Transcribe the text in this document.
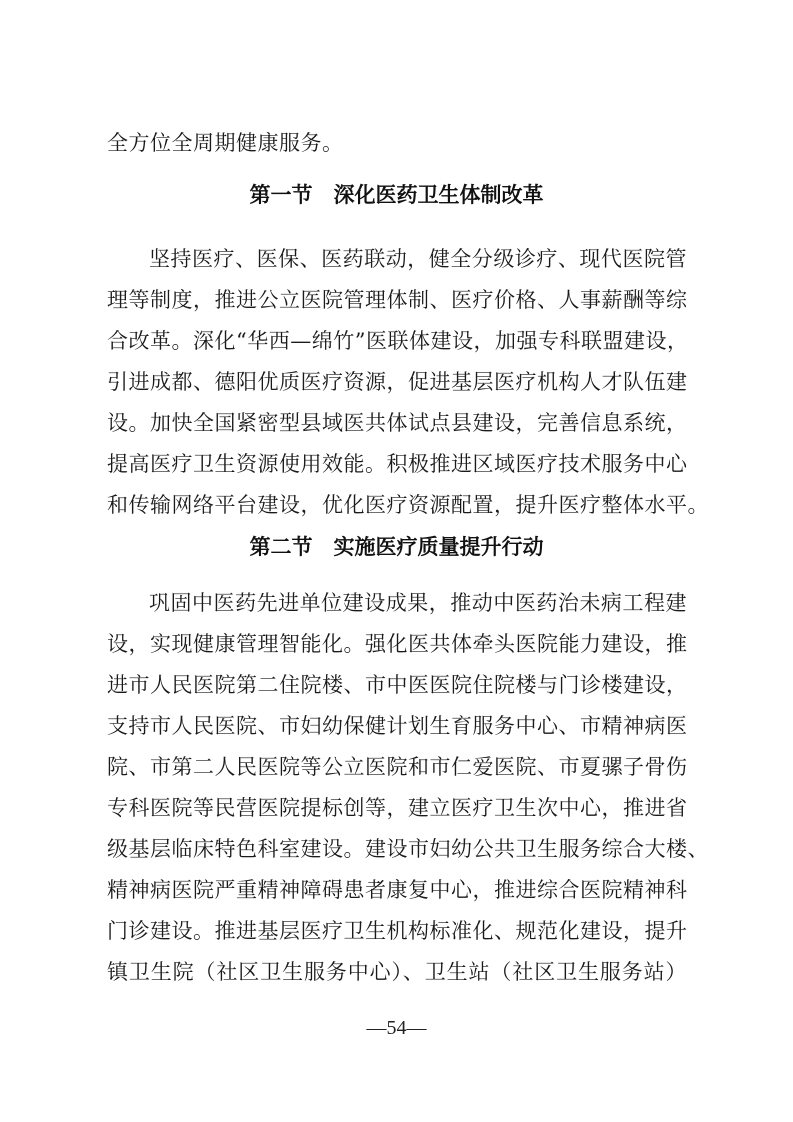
全方位全周期健康服务。
第一节　深化医药卫生体制改革
坚持医疗、医保、医药联动，健全分级诊疗、现代医院管
理等制度，推进公立医院管理体制、医疗价格、人事薪酬等综
合改革。深化“华西—绵竹”医联体建设，加强专科联盟建设，
引进成都、德阳优质医疗资源，促进基层医疗机构人才队伍建
设。加快全国紧密型县域医共体试点县建设，完善信息系统，
提高医疗卫生资源使用效能。积极推进区域医疗技术服务中心
和传输网络平台建设，优化医疗资源配置，提升医疗整体水平。
第二节　实施医疗质量提升行动
巩固中医药先进单位建设成果，推动中医药治未病工程建
设，实现健康管理智能化。强化医共体牵头医院能力建设，推
进市人民医院第二住院楼、市中医医院住院楼与门诊楼建设，
支持市人民医院、市妇幼保健计划生育服务中心、市精神病医
院、市第二人民医院等公立医院和市仁爱医院、市夏骡子骨伤
专科医院等民营医院提标创等，建立医疗卫生次中心，推进省
级基层临床特色科室建设。建设市妇幼公共卫生服务综合大楼、
精神病医院严重精神障碍患者康复中心，推进综合医院精神科
门诊建设。推进基层医疗卫生机构标准化、规范化建设，提升
镇卫生院（社区卫生服务中心）、卫生站（社区卫生服务站）
—54—
